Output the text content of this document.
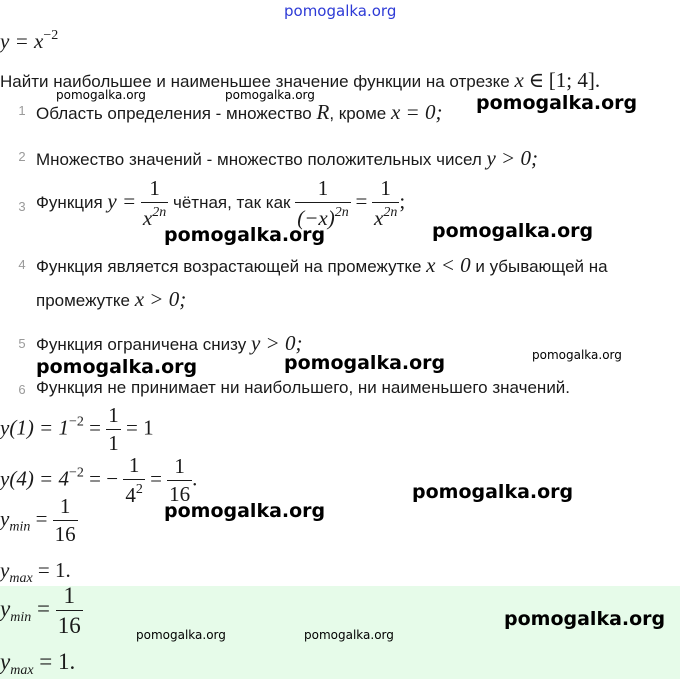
pomogalka.org
$y = x^{-2}$
Найти наибольшее и наименьшее значение функции на отрезке x ∈ [1; 4].
1 Область определения - множество R, кроме x = 0;
2 Множество значений - множество положительных чисел y > 0;
3 Функция $y = \frac{1}{x^{2n}}$ чётная, так как $\frac{1}{(-x)^{2n}} = \frac{1}{x^{2n}}$ ;
4 Функция является возрастающей на промежутке x < 0 и убывающей на
промежутке x > 0;
5 Функция ограничена снизу y > 0;
6 Функция не принимает ни наибольшего, ни наименьшего значений.
$y(1) = 1^{-2} = \frac{1}{1} = 1$
$y(4) = 4^{-2}$ = − $\frac{1}{4^2} = \frac{1}{16}$ .
$y_{min} = \frac{1}{16}$
$y_{max} = 1$.
$y_{min} = \frac{1}{16}$
$y_{max} = 1$.
pomogalka.org	pomogalka.org	pomogalka.org
pomogalka.org	pomogalka.org
pomogalka.org	pomogalka.org	pomogalka.org
pomogalka.org
pomogalka.org
pomogalka.org
pomogalka.org	pomogalka.org
